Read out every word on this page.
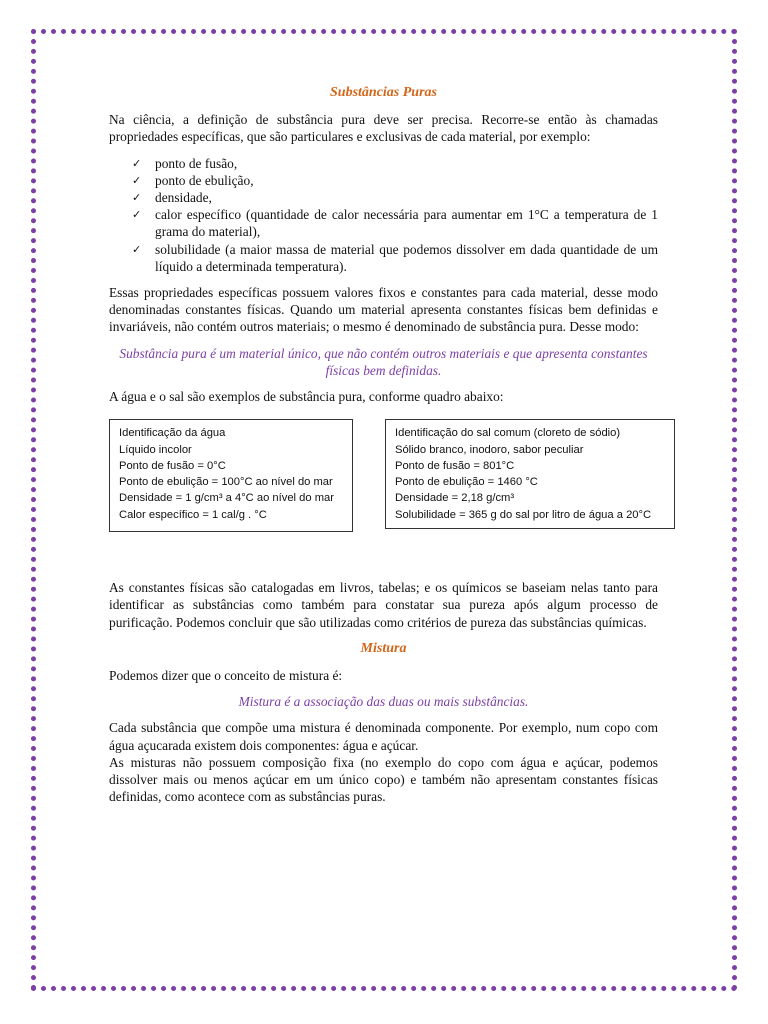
Substâncias Puras

Na ciência, a definição de substância pura deve ser precisa. Recorre-se então às chamadas propriedades específicas, que são particulares e exclusivas de cada material, por exemplo:

✓ ponto de fusão,
✓ ponto de ebulição,
✓ densidade,
✓ calor específico (quantidade de calor necessária para aumentar em 1°C a temperatura de 1 grama do material),
✓ solubilidade (a maior massa de material que podemos dissolver em dada quantidade de um líquido a determinada temperatura).

Essas propriedades específicas possuem valores fixos e constantes para cada material, desse modo denominadas constantes físicas. Quando um material apresenta constantes físicas bem definidas e invariáveis, não contém outros materiais; o mesmo é denominado de substância pura. Desse modo:

Substância pura é um material único, que não contém outros materiais e que apresenta constantes físicas bem definidas.

A água e o sal são exemplos de substância pura, conforme quadro abaixo:

Identificação da água
Líquido incolor
Ponto de fusão = 0°C
Ponto de ebulição = 100°C ao nível do mar
Densidade = 1 g/cm³ a 4°C ao nível do mar
Calor específico = 1 cal/g . °C
Identificação do sal comum (cloreto de sódio)
Sólido branco, inodoro, sabor peculiar
Ponto de fusão = 801°C
Ponto de ebulição = 1460 °C
Densidade = 2,18 g/cm³
Solubilidade = 365 g do sal por litro de água a 20°C

As constantes físicas são catalogadas em livros, tabelas; e os químicos se baseiam nelas tanto para identificar as substâncias como também para constatar sua pureza após algum processo de purificação. Podemos concluir que são utilizadas como critérios de pureza das substâncias químicas.

Mistura

Podemos dizer que o conceito de mistura é:

Mistura é a associação das duas ou mais substâncias.

Cada substância que compõe uma mistura é denominada componente. Por exemplo, num copo com água açucarada existem dois componentes: água e açúcar.

As misturas não possuem composição fixa (no exemplo do copo com água e açúcar, podemos dissolver mais ou menos açúcar em um único copo) e também não apresentam constantes físicas definidas, como acontece com as substâncias puras.
